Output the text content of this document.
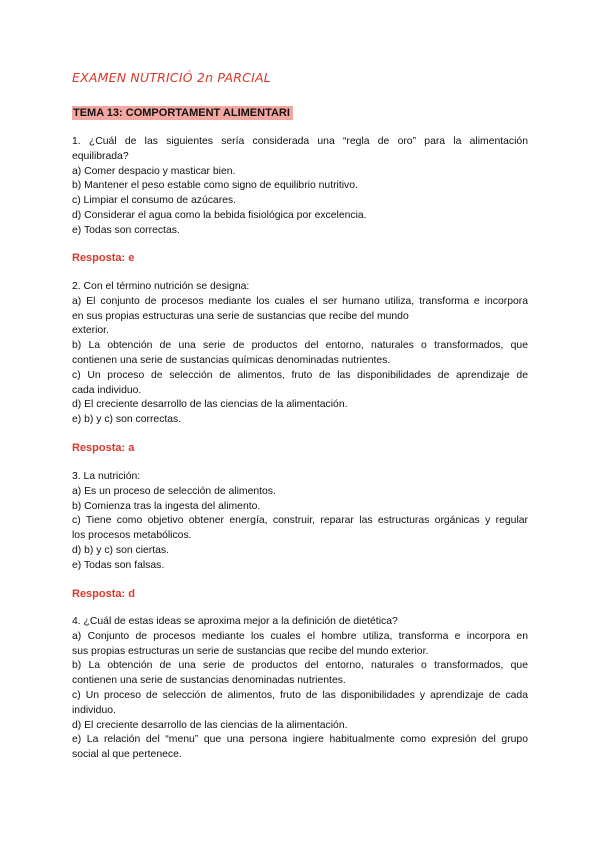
EXAMEN NUTRICIÓ 2n PARCIAL
TEMA 13: COMPORTAMENT ALIMENTARI
1. ¿Cuál de las siguientes sería considerada una “regla de oro” para la alimentación
equilibrada?
a) Comer despacio y masticar bien.
b) Mantener el peso estable como signo de equilibrio nutritivo.
c) Limpiar el consumo de azúcares.
d) Considerar el agua como la bebida fisiológica por excelencia.
e) Todas son correctas.
Resposta: e
2. Con el término nutrición se designa:
a) El conjunto de procesos mediante los cuales el ser humano utiliza, transforma e incorpora
en sus propias estructuras una serie de sustancias que recibe del mundo
exterior.
b) La obtención de una serie de productos del entorno, naturales o transformados, que
contienen una serie de sustancias químicas denominadas nutrientes.
c) Un proceso de selección de alimentos, fruto de las disponibilidades de aprendizaje de
cada individuo.
d) El creciente desarrollo de las ciencias de la alimentación.
e) b) y c) son correctas.
Resposta: a
3. La nutrición:
a) Es un proceso de selección de alimentos.
b) Comienza tras la ingesta del alimento.
c) Tiene como objetivo obtener energía, construir, reparar las estructuras orgánicas y regular
los procesos metabólicos.
d) b) y c) son ciertas.
e) Todas son falsas.
Resposta: d
4. ¿Cuál de estas ideas se aproxima mejor a la definición de dietética?
a) Conjunto de procesos mediante los cuales el hombre utiliza, transforma e incorpora en
sus propias estructuras un serie de sustancias que recibe del mundo exterior.
b) La obtención de una serie de productos del entorno, naturales o transformados, que
contienen una serie de sustancias denominadas nutrientes.
c) Un proceso de selección de alimentos, fruto de las disponibilidades y aprendizaje de cada
individuo.
d) El creciente desarrollo de las ciencias de la alimentación.
e) La relación del “menu” que una persona ingiere habitualmente como expresión del grupo
social al que pertenece.
